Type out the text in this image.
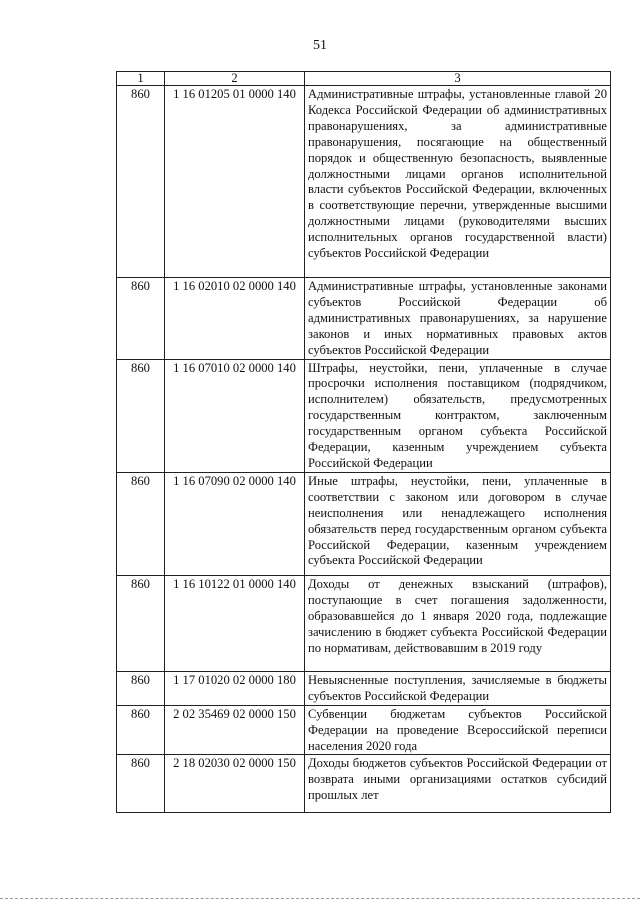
51
1	2	3
860	1 16 01205 01 0000 140	Административные штрафы, установленные главой 20 Кодекса Российской Федерации об административных правонарушениях, за административные правонарушения, посягающие на общественный порядок и общественную безопасность, выявленные должностными лицами органов исполнительной власти субъектов Российской Федерации, включенных в соответствующие перечни, утвержденные высшими должностными лицами (руководителями высших исполнительных органов государственной власти) субъектов Российской Федерации
860	1 16 02010 02 0000 140	Административные штрафы, установленные законами субъектов Российской Федерации об административных правонарушениях, за нарушение законов и иных нормативных правовых актов субъектов Российской Федерации
860	1 16 07010 02 0000 140	Штрафы, неустойки, пени, уплаченные в случае просрочки исполнения поставщиком (подрядчиком, исполнителем) обязательств, предусмотренных государственным контрактом, заключенным государственным органом субъекта Российской Федерации, казенным учреждением субъекта Российской Федерации
860	1 16 07090 02 0000 140	Иные штрафы, неустойки, пени, уплаченные в соответствии с законом или договором в случае неисполнения или ненадлежащего исполнения обязательств перед государственным органом субъекта Российской Федерации, казенным учреждением субъекта Российской Федерации
860	1 16 10122 01 0000 140	Доходы от денежных взысканий (штрафов), поступающие в счет погашения задолженности, образовавшейся до 1 января 2020 года, подлежащие зачислению в бюджет субъекта Российской Федерации по нормативам, действовавшим в 2019 году
860	1 17 01020 02 0000 180	Невыясненные поступления, зачисляемые в бюджеты субъектов Российской Федерации
860	2 02 35469 02 0000 150	Субвенции бюджетам субъектов Российской Федерации на проведение Всероссийской переписи населения 2020 года
860	2 18 02030 02 0000 150	Доходы бюджетов субъектов Российской Федерации от возврата иными организациями остатков субсидий прошлых лет
